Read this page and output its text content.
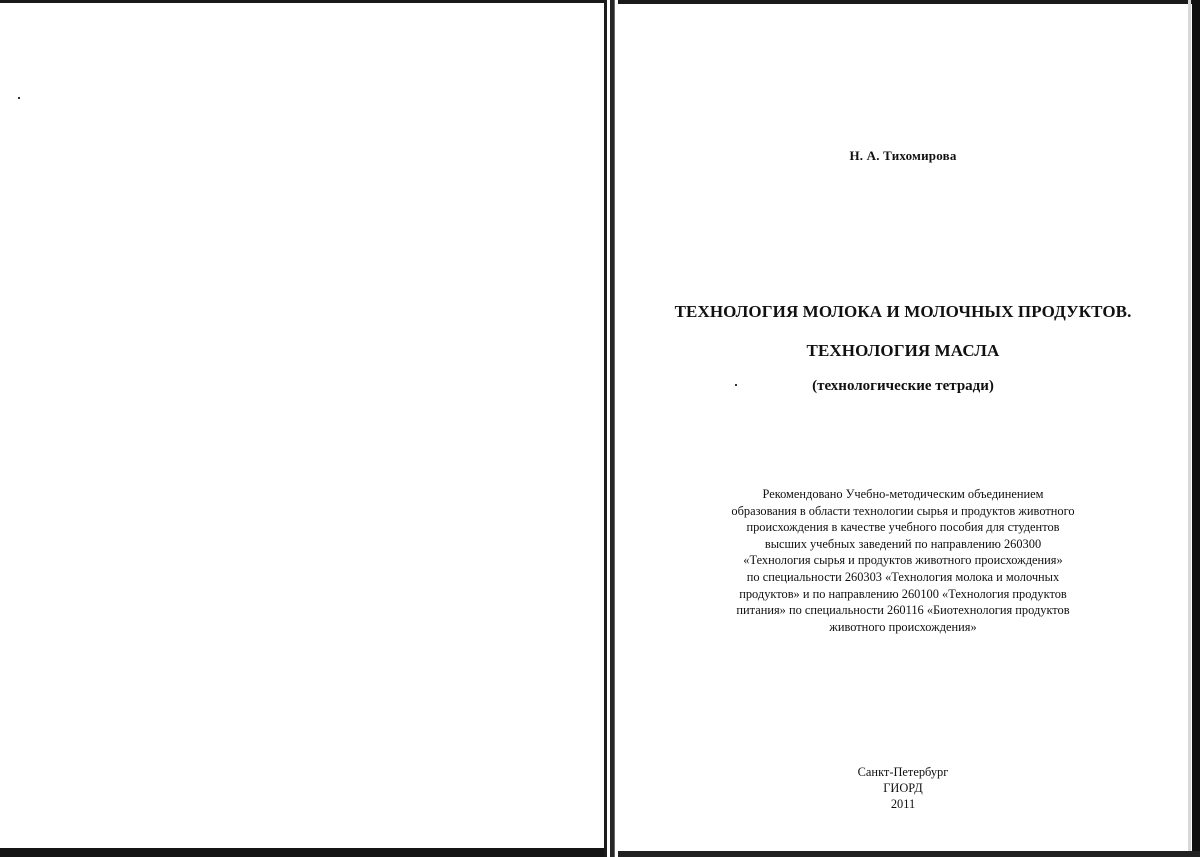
Н. А. Тихомирова
ТЕХНОЛОГИЯ МОЛОКА И МОЛОЧНЫХ ПРОДУКТОВ.
ТЕХНОЛОГИЯ МАСЛА
(технологические тетради)
Рекомендовано Учебно-методическим объединением
образования в области технологии сырья и продуктов животного
происхождения в качестве учебного пособия для студентов
высших учебных заведений по направлению 260300
«Технология сырья и продуктов животного происхождения»
по специальности 260303 «Технология молока и молочных
продуктов» и по направлению 260100 «Технология продуктов
питания» по специальности 260116 «Биотехнология продуктов
животного происхождения»
Санкт-Петербург
ГИОРД
2011
